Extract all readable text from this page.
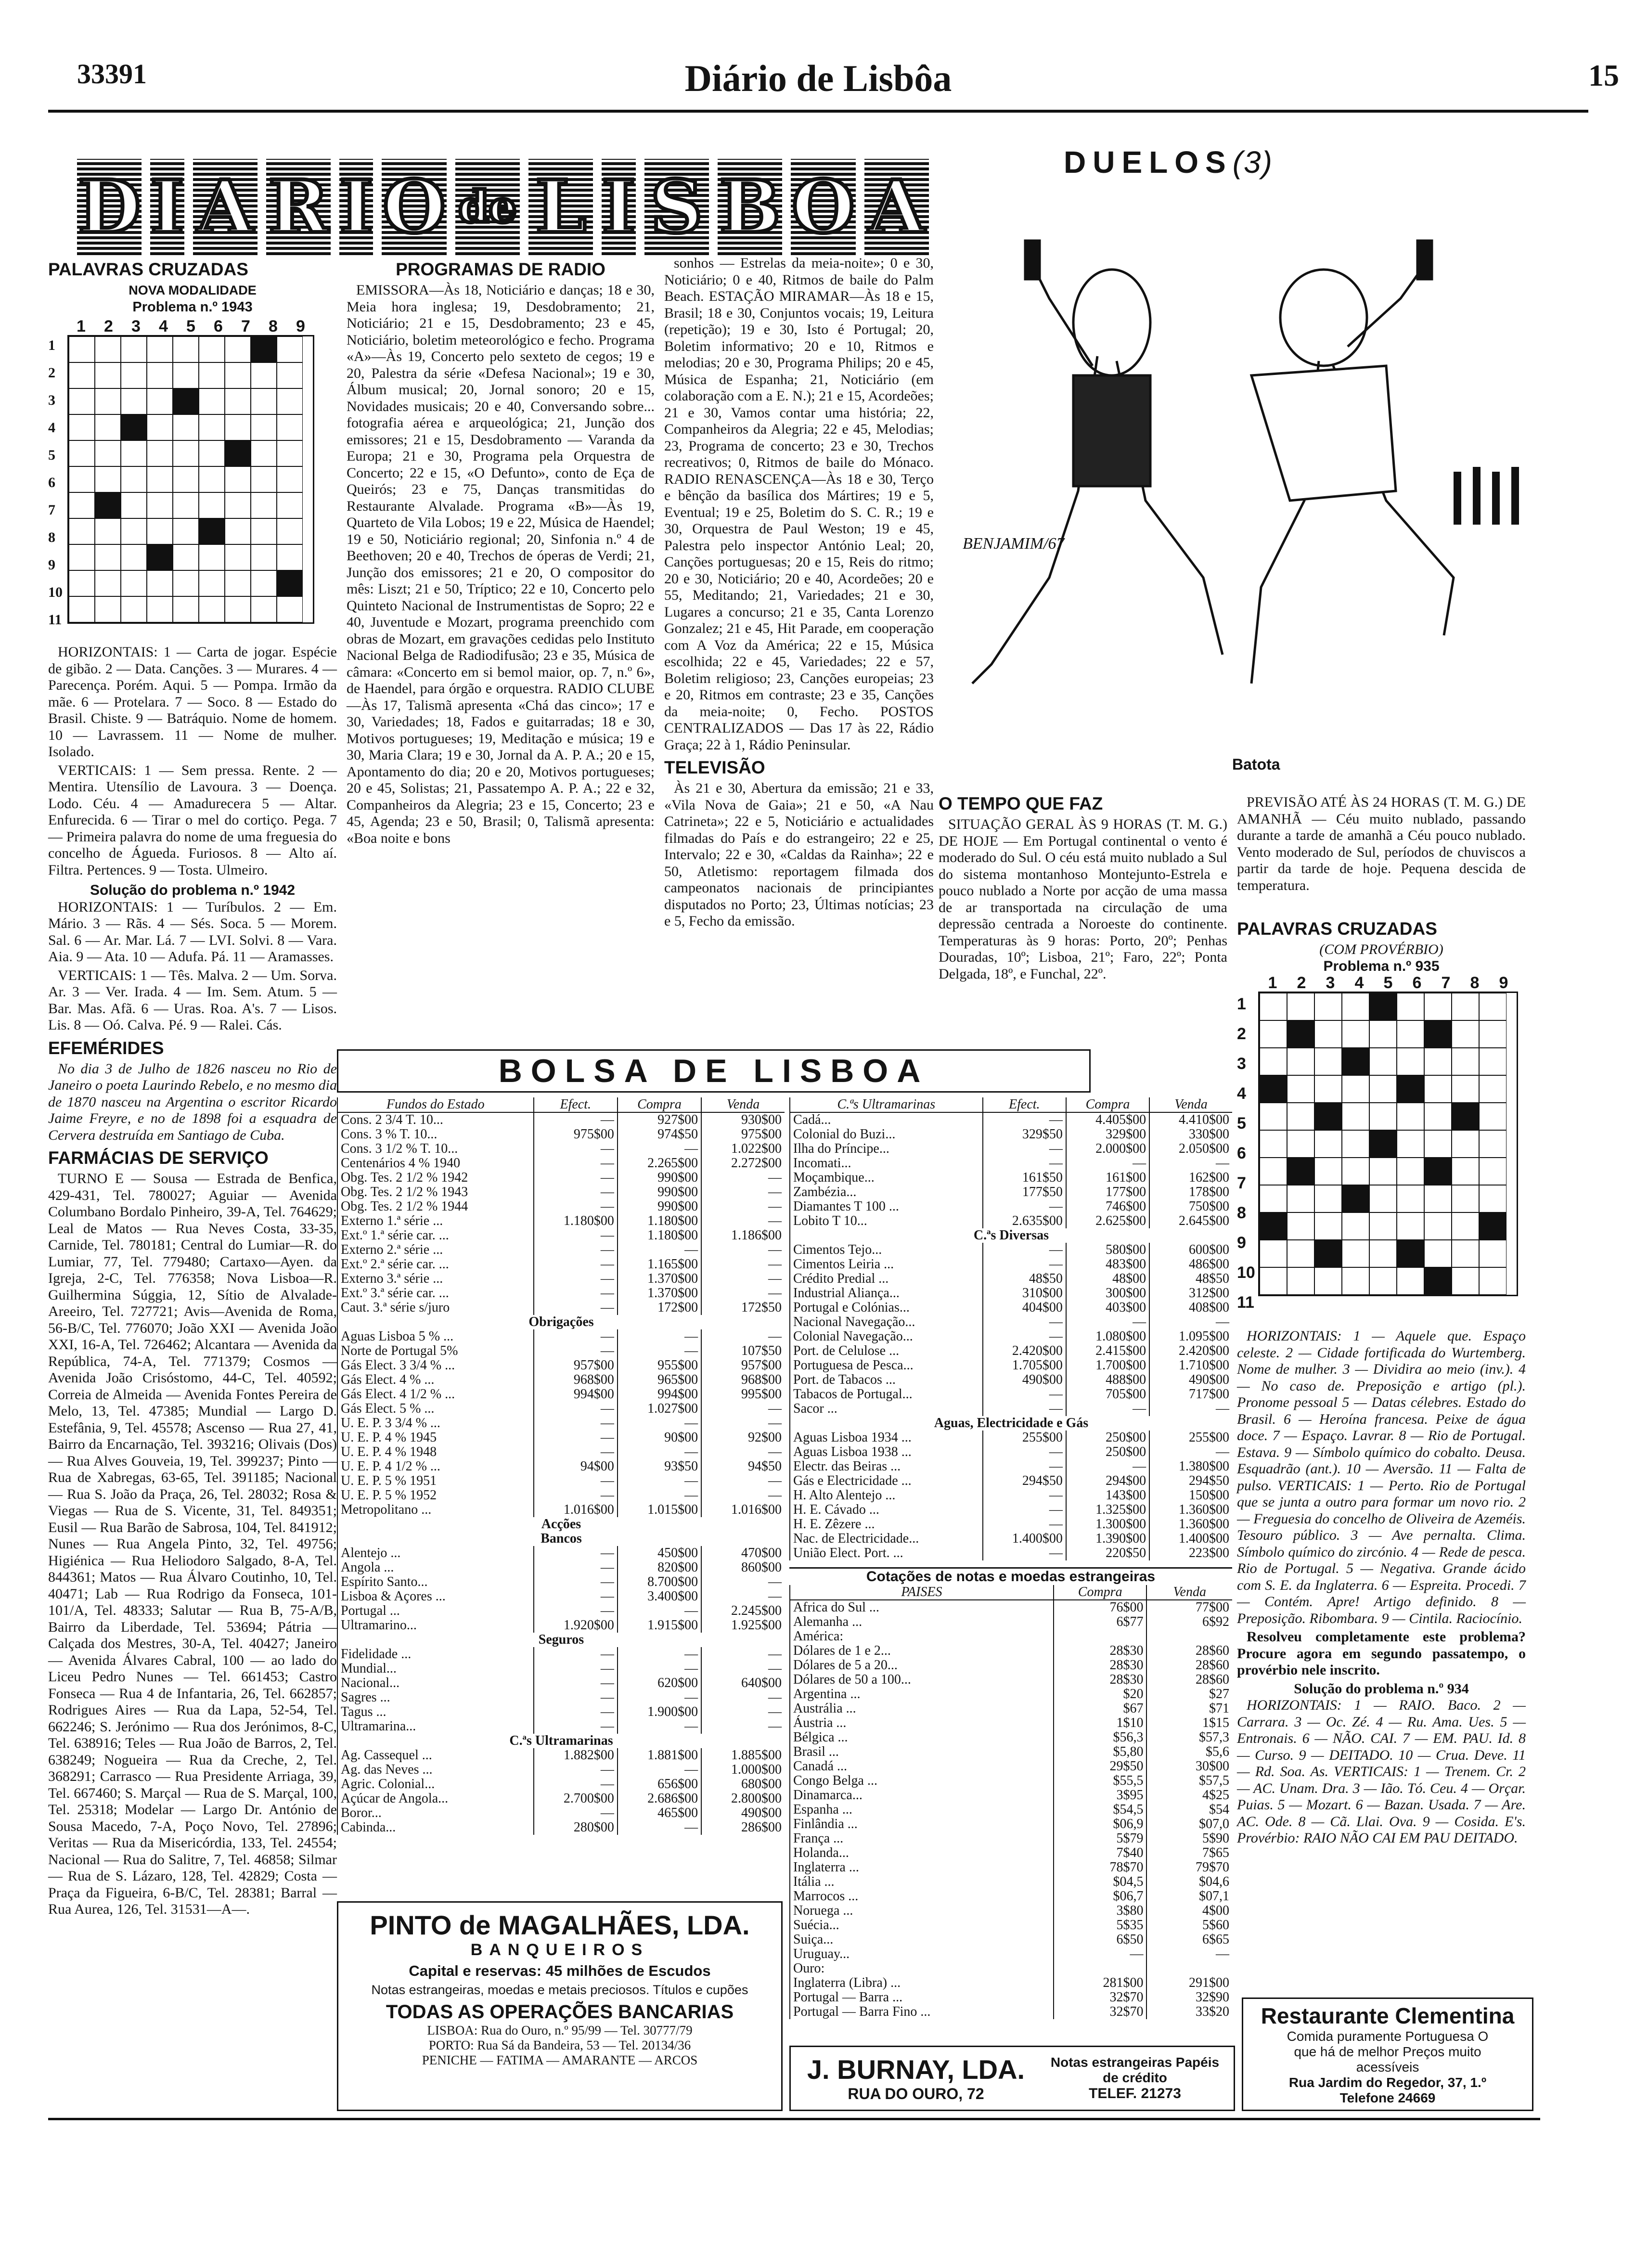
33391	Diário de Lisbôa	15
D I A R I O de L I S B O A
PALAVRAS CRUZADAS
NOVA MODALIDADE
Problema n.º 1943
1
2
3
4
5
6
7
8
9
10
11
1	2	3	4	5	6	7	8	9

HORIZONTAIS: 1 — Carta de jogar. Espécie de gibão. 2 — Data. Canções. 3 — Murares. 4 — Parecença. Porém. Aqui. 5 — Pompa. Irmão da mãe. 6 — Protelara. 7 — Soco. 8 — Estado do Brasil. Chiste. 9 — Batráquio. Nome de homem. 10 — Lavrassem. 11 — Nome de mulher. Isolado.

VERTICAIS: 1 — Sem pressa. Rente. 2 — Mentira. Utensílio de Lavoura. 3 — Doença. Lodo. Céu. 4 — Amadurecera 5 — Altar. Enfurecida. 6 — Tirar o mel do cortiço. Pega. 7 — Primeira palavra do nome de uma freguesia do concelho de Águeda. Furiosos. 8 — Alto aí. Filtra. Pertences. 9 — Tosta. Ulmeiro.

Solução do problema n.º 1942

HORIZONTAIS: 1 — Turíbulos. 2 — Em. Mário. 3 — Rãs. 4 — Sés. Soca. 5 — Morem. Sal. 6 — Ar. Mar. Lá. 7 — LVI. Solvi. 8 — Vara. Aia. 9 — Ata. 10 — Adufa. Pá. 11 — Aramasses.

VERTICAIS: 1 — Tês. Malva. 2 — Um. Sorva. Ar. 3 — Ver. Irada. 4 — Im. Sem. Atum. 5 — Bar. Mas. Afã. 6 — Uras. Roa. A's. 7 — Lisos. Lis. 8 — Oó. Calva. Pé. 9 — Ralei. Cás.

EFEMÉRIDES

No dia 3 de Julho de 1826 nasceu no Rio de Janeiro o poeta Laurindo Rebelo, e no mesmo dia de 1870 nasceu na Argentina o escritor Ricardo Jaime Freyre, e no de 1898 foi a esquadra de Cervera destruída em Santiago de Cuba.

FARMÁCIAS DE SERVIÇO

TURNO E — Sousa — Estrada de Benfica, 429-431, Tel. 780027; Aguiar — Avenida Columbano Bordalo Pinheiro, 39-A, Tel. 764629; Leal de Matos — Rua Neves Costa, 33-35, Carnide, Tel. 780181; Central do Lumiar—R. do Lumiar, 77, Tel. 779480; Cartaxo—Ayen. da Igreja, 2-C, Tel. 776358; Nova Lisboa—R. Guilhermina Súggia, 12, Sítio de Alvalade-Areeiro, Tel. 727721; Avis—Avenida de Roma, 56-B/C, Tel. 776070; João XXI — Avenida João XXI, 16-A, Tel. 726462; Alcantara — Avenida da República, 74-A, Tel. 771379; Cosmos — Avenida João Crisóstomo, 44-C, Tel. 40592; Correia de Almeida — Avenida Fontes Pereira de Melo, 13, Tel. 47385; Mundial — Largo D. Estefânia, 9, Tel. 45578; Ascenso — Rua 27, 41, Bairro da Encarnação, Tel. 393216; Olivais (Dos) — Rua Alves Gouveia, 19, Tel. 399237; Pinto — Rua de Xabregas, 63-65, Tel. 391185; Nacional — Rua S. João da Praça, 26, Tel. 28032; Rosa & Viegas — Rua de S. Vicente, 31, Tel. 849351; Eusil — Rua Barão de Sabrosa, 104, Tel. 841912; Nunes — Rua Angela Pinto, 32, Tel. 49756; Higiénica — Rua Heliodoro Salgado, 8-A, Tel. 844361; Matos — Rua Álvaro Coutinho, 10, Tel. 40471; Lab — Rua Rodrigo da Fonseca, 101-101/A, Tel. 48333; Salutar — Rua B, 75-A/B, Bairro da Liberdade, Tel. 53694; Pátria — Calçada dos Mestres, 30-A, Tel. 40427; Janeiro — Avenida Álvares Cabral, 100 — ao lado do Liceu Pedro Nunes — Tel. 661453; Castro Fonseca — Rua 4 de Infantaria, 26, Tel. 662857; Rodrigues Aires — Rua da Lapa, 52-54, Tel. 662246; S. Jerónimo — Rua dos Jerónimos, 8-C, Tel. 638916; Teles — Rua João de Barros, 2, Tel. 638249; Nogueira — Rua da Creche, 2, Tel. 368291; Carrasco — Rua Presidente Arriaga, 39, Tel. 667460; S. Marçal — Rua de S. Marçal, 100, Tel. 25318; Modelar — Largo Dr. António de Sousa Macedo, 7-A, Poço Novo, Tel. 27896; Veritas — Rua da Misericórdia, 133, Tel. 24554; Nacional — Rua do Salitre, 7, Tel. 46858; Silmar — Rua de S. Lázaro, 128, Tel. 42829; Costa — Praça da Figueira, 6-B/C, Tel. 28381; Barral — Rua Aurea, 126, Tel. 31531—A—.

PROGRAMAS DE RADIO

EMISSORA—Às 18, Noticiário e danças; 18 e 30, Meia hora inglesa; 19, Desdobramento; 21, Noticiário; 21 e 15, Desdobramento; 23 e 45, Noticiário, boletim meteorológico e fecho. Programa «A»—Às 19, Concerto pelo sexteto de cegos; 19 e 20, Palestra da série «Defesa Nacional»; 19 e 30, Álbum musical; 20, Jornal sonoro; 20 e 15, Novidades musicais; 20 e 40, Conversando sobre... fotografia aérea e arqueológica; 21, Junção dos emissores; 21 e 15, Desdobramento — Varanda da Europa; 21 e 30, Programa pela Orquestra de Concerto; 22 e 15, «O Defunto», conto de Eça de Queirós; 23 e 75, Danças transmitidas do Restaurante Alvalade. Programa «B»—Às 19, Quarteto de Vila Lobos; 19 e 22, Música de Haendel; 19 e 50, Noticiário regional; 20, Sinfonia n.º 4 de Beethoven; 20 e 40, Trechos de óperas de Verdi; 21, Junção dos emissores; 21 e 20, O compositor do mês: Liszt; 21 e 50, Tríptico; 22 e 10, Concerto pelo Quinteto Nacional de Instrumentistas de Sopro; 22 e 40, Juventude e Mozart, programa preenchido com obras de Mozart, em gravações cedidas pelo Instituto Nacional Belga de Radiodifusão; 23 e 35, Música de câmara: «Concerto em si bemol maior, op. 7, n.º 6», de Haendel, para órgão e orquestra. RADIO CLUBE—Às 17, Talismã apresenta «Chá das cinco»; 17 e 30, Variedades; 18, Fados e guitarradas; 18 e 30, Motivos portugueses; 19, Meditação e música; 19 e 30, Maria Clara; 19 e 30, Jornal da A. P. A.; 20 e 15, Apontamento do dia; 20 e 20, Motivos portugueses; 20 e 45, Solistas; 21, Passatempo A. P. A.; 22 e 32, Companheiros da Alegria; 23 e 15, Concerto; 23 e 45, Agenda; 23 e 50, Brasil; 0, Talismã apresenta: «Boa noite e bons

sonhos — Estrelas da meia-noite»; 0 e 30, Noticiário; 0 e 40, Ritmos de baile do Palm Beach. ESTAÇÃO MIRAMAR—Às 18 e 15, Brasil; 18 e 30, Conjuntos vocais; 19, Leitura (repetição); 19 e 30, Isto é Portugal; 20, Boletim informativo; 20 e 10, Ritmos e melodias; 20 e 30, Programa Philips; 20 e 45, Música de Espanha; 21, Noticiário (em colaboração com a E. N.); 21 e 15, Acordeões; 21 e 30, Vamos contar uma história; 22, Companheiros da Alegria; 22 e 45, Melodias; 23, Programa de concerto; 23 e 30, Trechos recreativos; 0, Ritmos de baile do Mónaco. RADIO RENASCENÇA—Às 18 e 30, Terço e bênção da basílica dos Mártires; 19 e 5, Eventual; 19 e 25, Boletim do S. C. R.; 19 e 30, Orquestra de Paul Weston; 19 e 45, Palestra pelo inspector António Leal; 20, Canções portuguesas; 20 e 15, Reis do ritmo; 20 e 30, Noticiário; 20 e 40, Acordeões; 20 e 55, Meditando; 21, Variedades; 21 e 30, Lugares a concurso; 21 e 35, Canta Lorenzo Gonzalez; 21 e 45, Hit Parade, em cooperação com A Voz da América; 22 e 15, Música escolhida; 22 e 45, Variedades; 22 e 57, Boletim religioso; 23, Canções europeias; 23 e 20, Ritmos em contraste; 23 e 35, Canções da meia-noite; 0, Fecho. POSTOS CENTRALIZADOS — Das 17 às 22, Rádio Graça; 22 à 1, Rádio Peninsular.

TELEVISÃO

Às 21 e 30, Abertura da emissão; 21 e 33, «Vila Nova de Gaia»; 21 e 50, «A Nau Catrineta»; 22 e 5, Noticiário e actualidades filmadas do País e do estrangeiro; 22 e 25, Intervalo; 22 e 30, «Caldas da Rainha»; 22 e 50, Atletismo: reportagem filmada dos campeonatos nacionais de principiantes disputados no Porto; 23, Últimas notícias; 23 e 5, Fecho da emissão.

DUELOS(3)
BENJAMIM/67
Batota
O TEMPO QUE FAZ

SITUAÇÃO GERAL ÀS 9 HORAS (T. M. G.) DE HOJE — Em Portugal continental o vento é moderado do Sul. O céu está muito nublado a Sul do sistema montanhoso Montejunto-Estrela e pouco nublado a Norte por acção de uma massa de ar transportada na circulação de uma depressão centrada a Noroeste do continente. Temperaturas às 9 horas: Porto, 20º; Penhas Douradas, 10º; Lisboa, 21º; Faro, 22º; Ponta Delgada, 18º, e Funchal, 22º.

PREVISÃO ATÉ ÀS 24 HORAS (T. M. G.) DE AMANHÃ — Céu muito nublado, passando durante a tarde de amanhã a Céu pouco nublado. Vento moderado de Sul, períodos de chuviscos a partir da tarde de hoje. Pequena descida de temperatura.

PALAVRAS CRUZADAS
(COM PROVÉRBIO)
Problema n.º 935
1
2
3
4
5
6
7
8
9
10
11
1	2	3	4	5	6	7	8	9

HORIZONTAIS: 1 — Aquele que. Espaço celeste. 2 — Cidade fortificada do Wurtemberg. Nome de mulher. 3 — Dividira ao meio (inv.). 4 — No caso de. Preposição e artigo (pl.). Pronome pessoal 5 — Datas célebres. Estado do Brasil. 6 — Heroína francesa. Peixe de água doce. 7 — Espaço. Lavrar. 8 — Rio de Portugal. Estava. 9 — Símbolo químico do cobalto. Deusa. Esquadrão (ant.). 10 — Aversão. 11 — Falta de pulso. VERTICAIS: 1 — Perto. Rio de Portugal que se junta a outro para formar um novo rio. 2 — Freguesia do concelho de Oliveira de Azeméis. Tesouro público. 3 — Ave pernalta. Clima. Símbolo químico do zircónio. 4 — Rede de pesca. Rio de Portugal. 5 — Negativa. Grande ácido com S. E. da Inglaterra. 6 — Espreita. Procedi. 7 — Contém. Apre! Artigo definido. 8 — Preposição. Ribombara. 9 — Cintila. Raciocínio.

Resolveu completamente este problema? Procure agora em segundo passatempo, o provérbio nele inscrito.

Solução do problema n.º 934

HORIZONTAIS: 1 — RAIO. Baco. 2 — Carrara. 3 — Oc. Zé. 4 — Ru. Ama. Ues. 5 — Entronais. 6 — NÃO. CAI. 7 — EM. PAU. Id. 8 — Curso. 9 — DEITADO. 10 — Crua. Deve. 11 — Rd. Soa. As. VERTICAIS: 1 — Trenem. Cr. 2 — AC. Unam. Dra. 3 — Ião. Tó. Ceu. 4 — Orçar. Puias. 5 — Mozart. 6 — Bazan. Usada. 7 — Are. AC. Ode. 8 — Cã. Llai. Ova. 9 — Cosida. E's. Provérbio: RAIO NÃO CAI EM PAU DEITADO.

BOLSA DE LISBOA
Fundos do Estado	Efect.	Compra	Venda
Cons. 2 3/4 T. 10...	—	927$00	930$00
Cons. 3 % T. 10...	975$00	974$50	975$00
Cons. 3 1/2 % T. 10...	—	—	1.022$00
Centenários 4 % 1940	—	2.265$00	2.272$00
Obg. Tes. 2 1/2 % 1942	—	990$00	—
Obg. Tes. 2 1/2 % 1943	—	990$00	—
Obg. Tes. 2 1/2 % 1944	—	990$00	—
Externo 1.ª série ...	1.180$00	1.180$00	—
Ext.º 1.ª série car. ...	—	1.180$00	1.186$00
Externo 2.ª série ...	—	—	—
Ext.º 2.ª série car. ...	—	1.165$00	—
Externo 3.ª série ...	—	1.370$00	—
Ext.º 3.ª série car. ...	—	1.370$00	—
Caut. 3.ª série s/juro	—	172$00	172$50
Obrigações			
Aguas Lisboa 5 % ...	—	—	—
Norte de Portugal 5%	—	—	107$50
Gás Elect. 3 3/4 % ...	957$00	955$00	957$00
Gás Elect. 4 % ...	968$00	965$00	968$00
Gás Elect. 4 1/2 % ...	994$00	994$00	995$00
Gás Elect. 5 % ...	—	1.027$00	—
U. E. P. 3 3/4 % ...	—	—	—
U. E. P. 4 % 1945	—	90$00	92$00
U. E. P. 4 % 1948	—	—	—
U. E. P. 4 1/2 % ...	94$00	93$50	94$50
U. E. P. 5 % 1951	—	—	—
U. E. P. 5 % 1952	—	—	—
Metropolitano ...	1.016$00	1.015$00	1.016$00
Acções			
Bancos			
Alentejo ...	—	450$00	470$00
Angola ...	—	820$00	860$00
Espírito Santo...	—	8.700$00	—
Lisboa & Açores ...	—	3.400$00	—
Portugal ...	—	—	2.245$00
Ultramarino...	1.920$00	1.915$00	1.925$00
Seguros			
Fidelidade ...	—	—	—
Mundial...	—	—	—
Nacional...	—	620$00	640$00
Sagres ...	—	—	—
Tagus ...	—	1.900$00	—
Ultramarina...	—	—	—
C.ªs Ultramarinas			
Ag. Cassequel ...	1.882$00	1.881$00	1.885$00
Ag. das Neves ...	—	—	1.000$00
Agric. Colonial...	—	656$00	680$00
Açúcar de Angola...	2.700$00	2.686$00	2.800$00
Boror...	—	465$00	490$00
Cabinda...	280$00	—	286$00
C.ªs Ultramarinas	Efect.	Compra	Venda
Cadá...	—	4.405$00	4.410$00
Colonial do Buzi...	329$50	329$00	330$00
Ilha do Príncipe...	—	2.000$00	2.050$00
Incomati...	—	—	—
Moçambique...	161$50	161$00	162$00
Zambézia...	177$50	177$00	178$00
Diamantes T 100 ...	—	746$00	750$00
Lobito T 10...	2.635$00	2.625$00	2.645$00
C.ªs Diversas			
Cimentos Tejo...	—	580$00	600$00
Cimentos Leiria ...	—	483$00	486$00
Crédito Predial ...	48$50	48$00	48$50
Industrial Aliança...	310$00	300$00	312$00
Portugal e Colónias...	404$00	403$00	408$00
Nacional Navegação...	—	—	—
Colonial Navegação...	—	1.080$00	1.095$00
Port. de Celulose ...	2.420$00	2.415$00	2.420$00
Portuguesa de Pesca...	1.705$00	1.700$00	1.710$00
Port. de Tabacos ...	490$00	488$00	490$00
Tabacos de Portugal...	—	705$00	717$00
Sacor ...	—	—	—
Aguas, Electricidade e Gás			
Aguas Lisboa 1934 ...	255$00	250$00	255$00
Aguas Lisboa 1938 ...	—	250$00	—
Electr. das Beiras ...	—	—	1.380$00
Gás e Electricidade ...	294$50	294$00	294$50
H. Alto Alentejo ...	—	143$00	150$00
H. E. Cávado ...	—	1.325$00	1.360$00
H. E. Zêzere ...	—	1.300$00	1.360$00
Nac. de Electricidade...	1.400$00	1.390$00	1.400$00
União Elect. Port. ...	—	220$50	223$00
Cotações de notas e moedas estrangeiras
PAISES	Compra	Venda
Africa do Sul ...	76$00	77$00
Alemanha ...	6$77	6$92
América:		
Dólares de 1 e 2...	28$30	28$60
Dólares de 5 a 20...	28$30	28$60
Dólares de 50 a 100...	28$30	28$60
Argentina ...	$20	$27
Austrália ...	$67	$71
Áustria ...	1$10	1$15
Bélgica ...	$56,3	$57,3
Brasil ...	$5,80	$5,6
Canadá ...	29$50	30$00
Congo Belga ...	$55,5	$57,5
Dinamarca...	3$95	4$25
Espanha ...	$54,5	$54
Finlândia ...	$06,9	$07,0
França ...	5$79	5$90
Holanda...	7$40	7$65
Inglaterra ...	78$70	79$70
Itália ...	$04,5	$04,6
Marrocos ...	$06,7	$07,1
Noruega ...	3$80	4$00
Suécia...	5$35	5$60
Suiça...	6$50	6$65
Uruguay...	—	—
Ouro:		
Inglaterra (Libra) ...	281$00	291$00
Portugal — Barra ...	32$70	32$90
Portugal — Barra Fino ...	32$70	33$20
PINTO de MAGALHÃES, LDA.
BANQUEIROS
Capital e reservas: 45 milhões de Escudos
Notas estrangeiras, moedas e metais preciosos. Títulos e cupões
TODAS AS OPERAÇÕES BANCARIAS
LISBOA: Rua do Ouro, n.º 95/99 — Tel. 30777/79
PORTO: Rua Sá da Bandeira, 53 — Tel. 20134/36
PENICHE — FATIMA — AMARANTE — ARCOS	J. BURNAY, LDA.
RUA DO OURO, 72
Notas estrangeiras Papéis de crédito
TELEF. 21273
Restaurante Clementina
Comida puramente Portuguesa O que há de melhor Preços muito acessíveis
Rua Jardim do Regedor, 37, 1.º
Telefone 24669
